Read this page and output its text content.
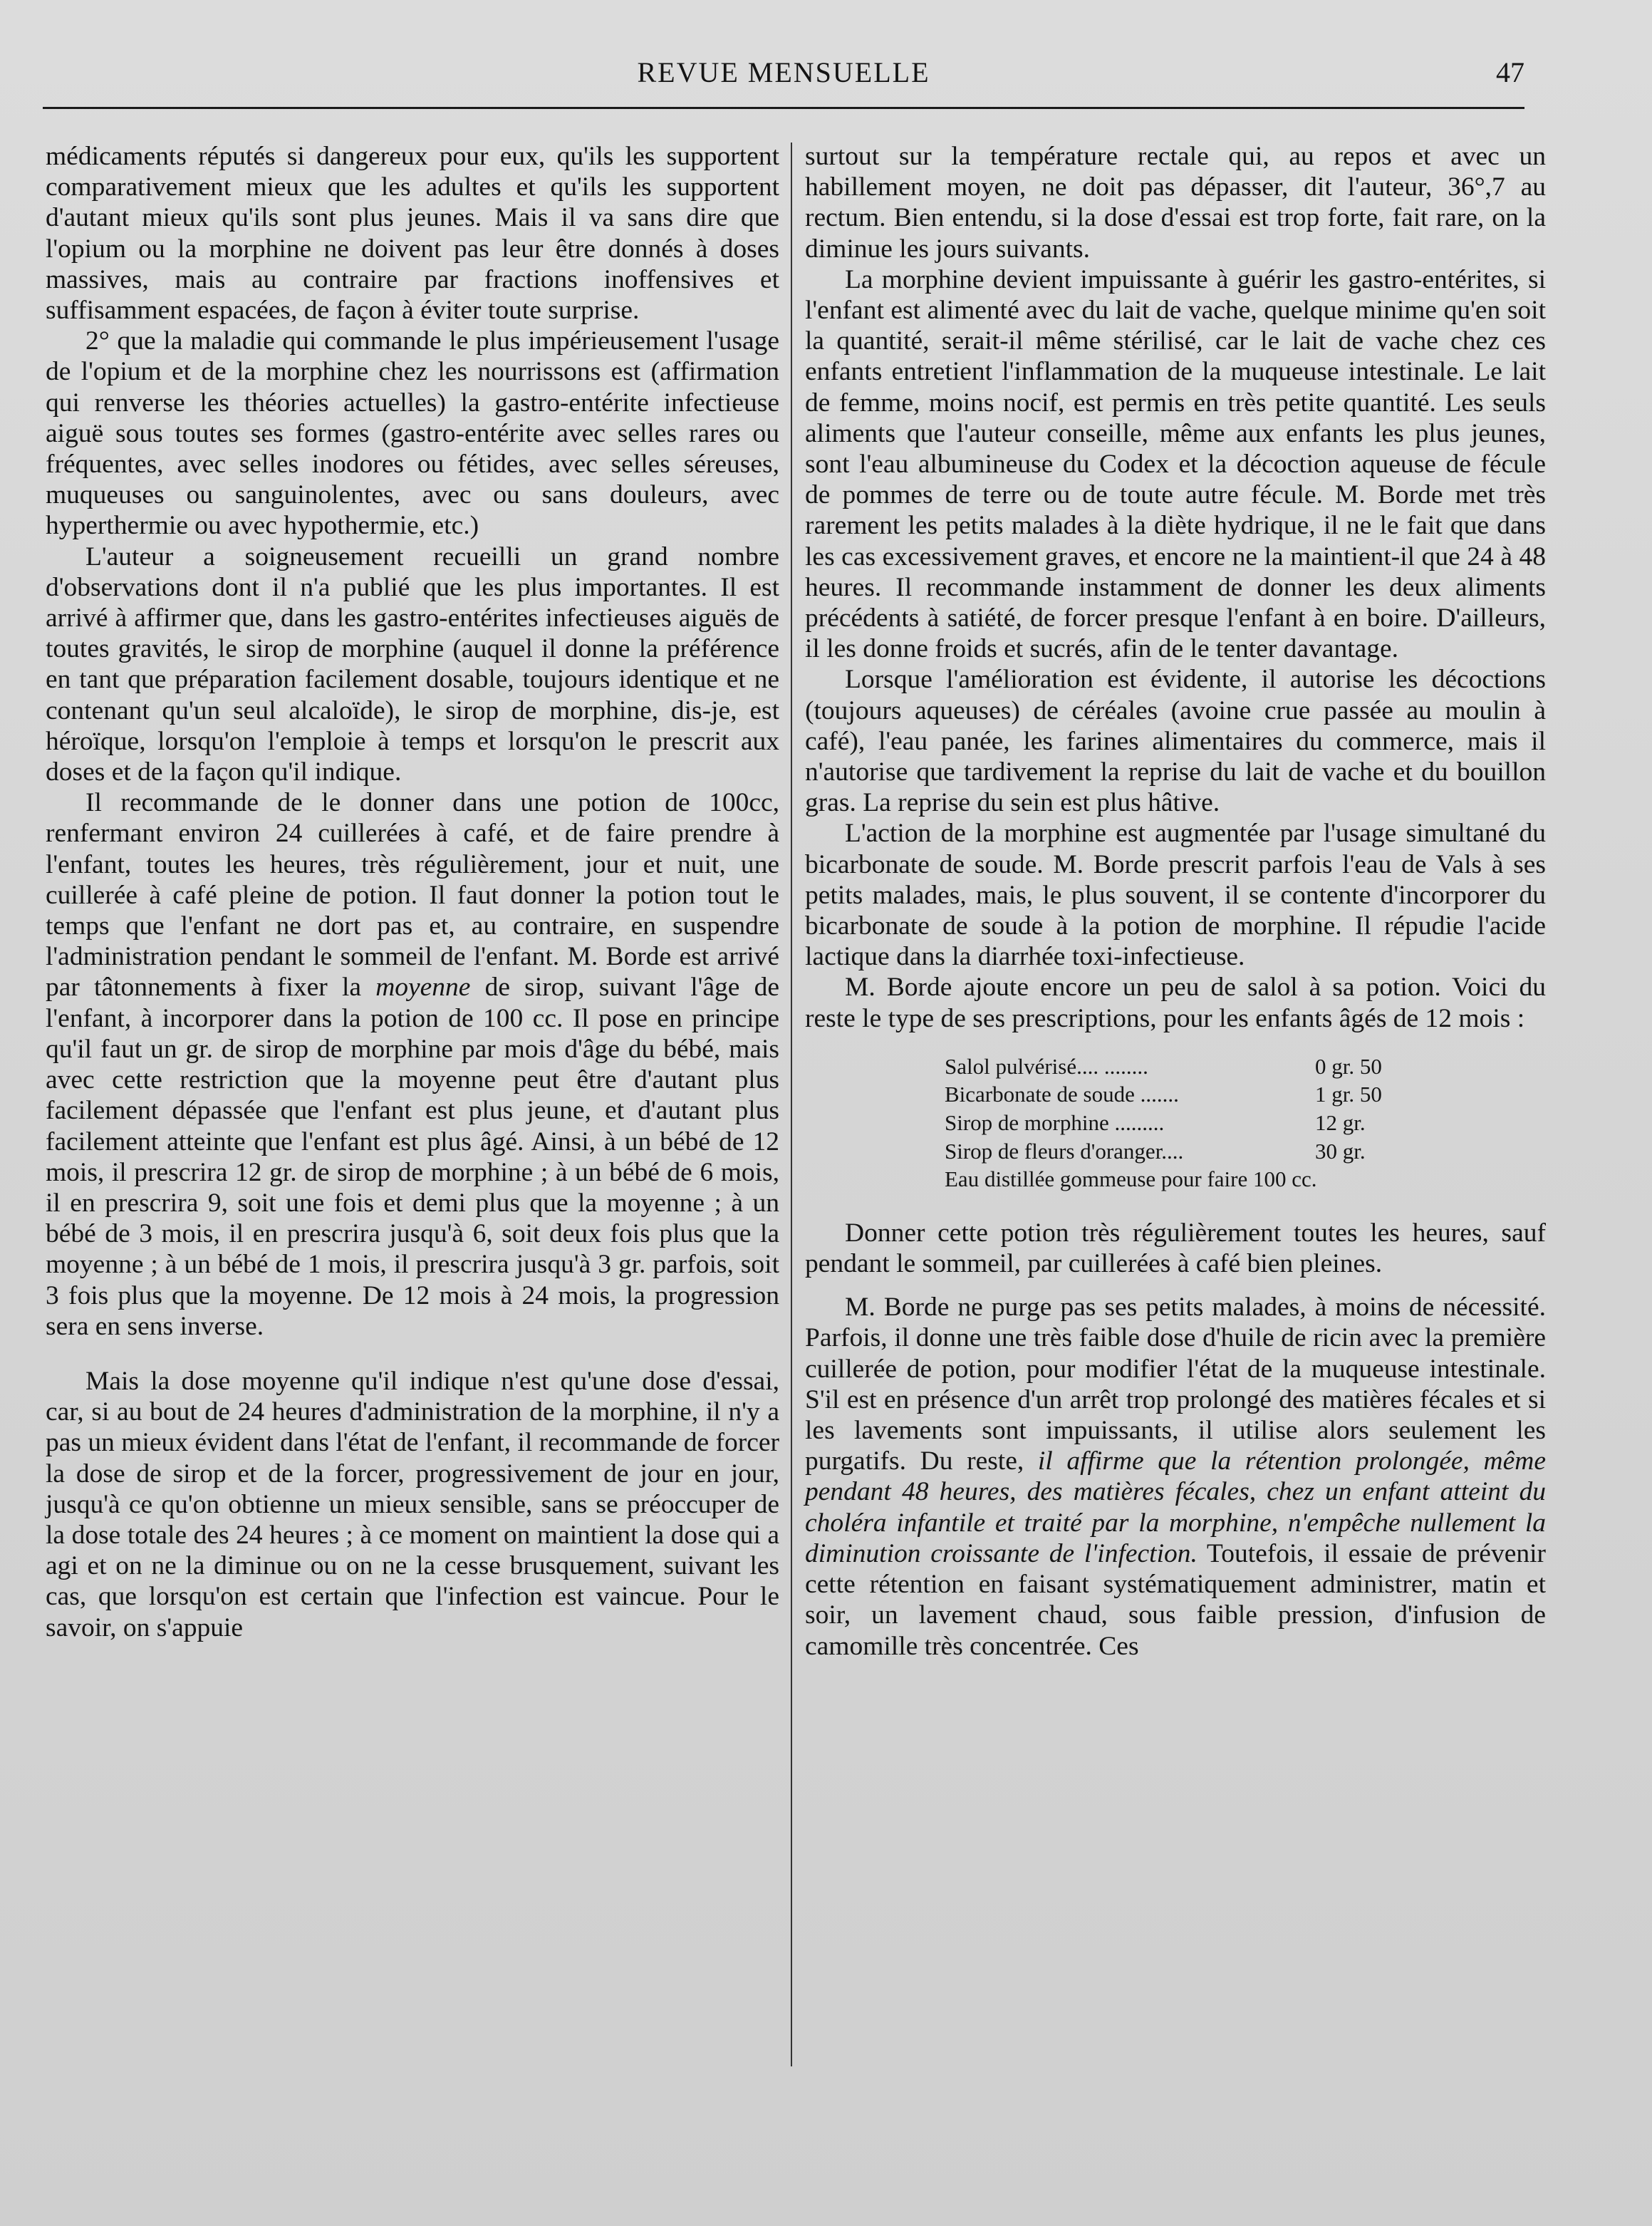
REVUE MENSUELLE	47

médicaments réputés si dangereux pour eux, qu'ils les supportent comparativement mieux que les adultes et qu'ils les supportent d'autant mieux qu'ils sont plus jeunes. Mais il va sans dire que l'opium ou la morphine ne doivent pas leur être donnés à doses massives, mais au contraire par fractions inoffensives et suffisamment espacées, de façon à éviter toute surprise.

2° que la maladie qui commande le plus impérieusement l'usage de l'opium et de la morphine chez les nourrissons est (affirmation qui renverse les théories actuelles) la gastro-entérite infectieuse aiguë sous toutes ses formes (gastro-entérite avec selles rares ou fréquentes, avec selles inodores ou fétides, avec selles séreuses, muqueuses ou sanguinolentes, avec ou sans douleurs, avec hyperthermie ou avec hypothermie, etc.)

L'auteur a soigneusement recueilli un grand nombre d'observations dont il n'a publié que les plus importantes. Il est arrivé à affirmer que, dans les gastro-entérites infectieuses aiguës de toutes gravités, le sirop de morphine (auquel il donne la préférence en tant que préparation facilement dosable, toujours identique et ne contenant qu'un seul alcaloïde), le sirop de morphine, dis-je, est héroïque, lorsqu'on l'emploie à temps et lorsqu'on le prescrit aux doses et de la façon qu'il indique.

Il recommande de le donner dans une potion de 100cc, renfermant environ 24 cuillerées à café, et de faire prendre à l'enfant, toutes les heures, très régulièrement, jour et nuit, une cuillerée à café pleine de potion. Il faut donner la potion tout le temps que l'enfant ne dort pas et, au contraire, en suspendre l'administration pendant le sommeil de l'enfant. M. Borde est arrivé par tâtonnements à fixer la moyenne de sirop, suivant l'âge de l'enfant, à incorporer dans la potion de 100 cc. Il pose en principe qu'il faut un gr. de sirop de morphine par mois d'âge du bébé, mais avec cette restriction que la moyenne peut être d'autant plus facilement dépassée que l'enfant est plus jeune, et d'autant plus facilement atteinte que l'enfant est plus âgé. Ainsi, à un bébé de 12 mois, il prescrira 12 gr. de sirop de morphine ; à un bébé de 6 mois, il en prescrira 9, soit une fois et demi plus que la moyenne ; à un bébé de 3 mois, il en prescrira jusqu'à 6, soit deux fois plus que la moyenne ; à un bébé de 1 mois, il prescrira jusqu'à 3 gr. parfois, soit 3 fois plus que la moyenne. De 12 mois à 24 mois, la progression sera en sens inverse.

Mais la dose moyenne qu'il indique n'est qu'une dose d'essai, car, si au bout de 24 heures d'administration de la morphine, il n'y a pas un mieux évident dans l'état de l'enfant, il recommande de forcer la dose de sirop et de la forcer, progressivement de jour en jour, jusqu'à ce qu'on obtienne un mieux sensible, sans se préoccuper de la dose totale des 24 heures ; à ce moment on maintient la dose qui a agi et on ne la diminue ou on ne la cesse brusquement, suivant les cas, que lorsqu'on est certain que l'infection est vaincue. Pour le savoir, on s'appuie

surtout sur la température rectale qui, au repos et avec un habillement moyen, ne doit pas dépasser, dit l'auteur, 36°,7 au rectum. Bien entendu, si la dose d'essai est trop forte, fait rare, on la diminue les jours suivants.

La morphine devient impuissante à guérir les gastro-entérites, si l'enfant est alimenté avec du lait de vache, quelque minime qu'en soit la quantité, serait-il même stérilisé, car le lait de vache chez ces enfants entretient l'inflammation de la muqueuse intestinale. Le lait de femme, moins nocif, est permis en très petite quantité. Les seuls aliments que l'auteur conseille, même aux enfants les plus jeunes, sont l'eau albumineuse du Codex et la décoction aqueuse de fécule de pommes de terre ou de toute autre fécule. M. Borde met très rarement les petits malades à la diète hydrique, il ne le fait que dans les cas excessivement graves, et encore ne la maintient-il que 24 à 48 heures. Il recommande instamment de donner les deux aliments précédents à satiété, de forcer presque l'enfant à en boire. D'ailleurs, il les donne froids et sucrés, afin de le tenter davantage.

Lorsque l'amélioration est évidente, il autorise les décoctions (toujours aqueuses) de céréales (avoine crue passée au moulin à café), l'eau panée, les farines alimentaires du commerce, mais il n'autorise que tardivement la reprise du lait de vache et du bouillon gras. La reprise du sein est plus hâtive.

L'action de la morphine est augmentée par l'usage simultané du bicarbonate de soude. M. Borde prescrit parfois l'eau de Vals à ses petits malades, mais, le plus souvent, il se contente d'incorporer du bicarbonate de soude à la potion de morphine. Il répudie l'acide lactique dans la diarrhée toxi-infectieuse.

M. Borde ajoute encore un peu de salol à sa potion. Voici du reste le type de ses prescriptions, pour les enfants âgés de 12 mois :

Salol pulvérisé.... ........	0 gr. 50
Bicarbonate de soude .......	1 gr. 50
Sirop de morphine .........	12 gr.
Sirop de fleurs d'oranger....	30 gr.
Eau distillée gommeuse pour faire
100 cc.

Donner cette potion très régulièrement toutes les heures, sauf pendant le sommeil, par cuillerées à café bien pleines.

M. Borde ne purge pas ses petits malades, à moins de nécessité. Parfois, il donne une très faible dose d'huile de ricin avec la première cuillerée de potion, pour modifier l'état de la muqueuse intestinale. S'il est en présence d'un arrêt trop prolongé des matières fécales et si les lavements sont impuissants, il utilise alors seulement les purgatifs. Du reste, il affirme que la rétention prolongée, même pendant 48 heures, des matières fécales, chez un enfant atteint du choléra infantile et traité par la morphine, n'empêche nullement la diminution croissante de l'infection. Toutefois, il essaie de prévenir cette rétention en faisant systématiquement administrer, matin et soir, un lavement chaud, sous faible pression, d'infusion de camomille très concentrée. Ces
